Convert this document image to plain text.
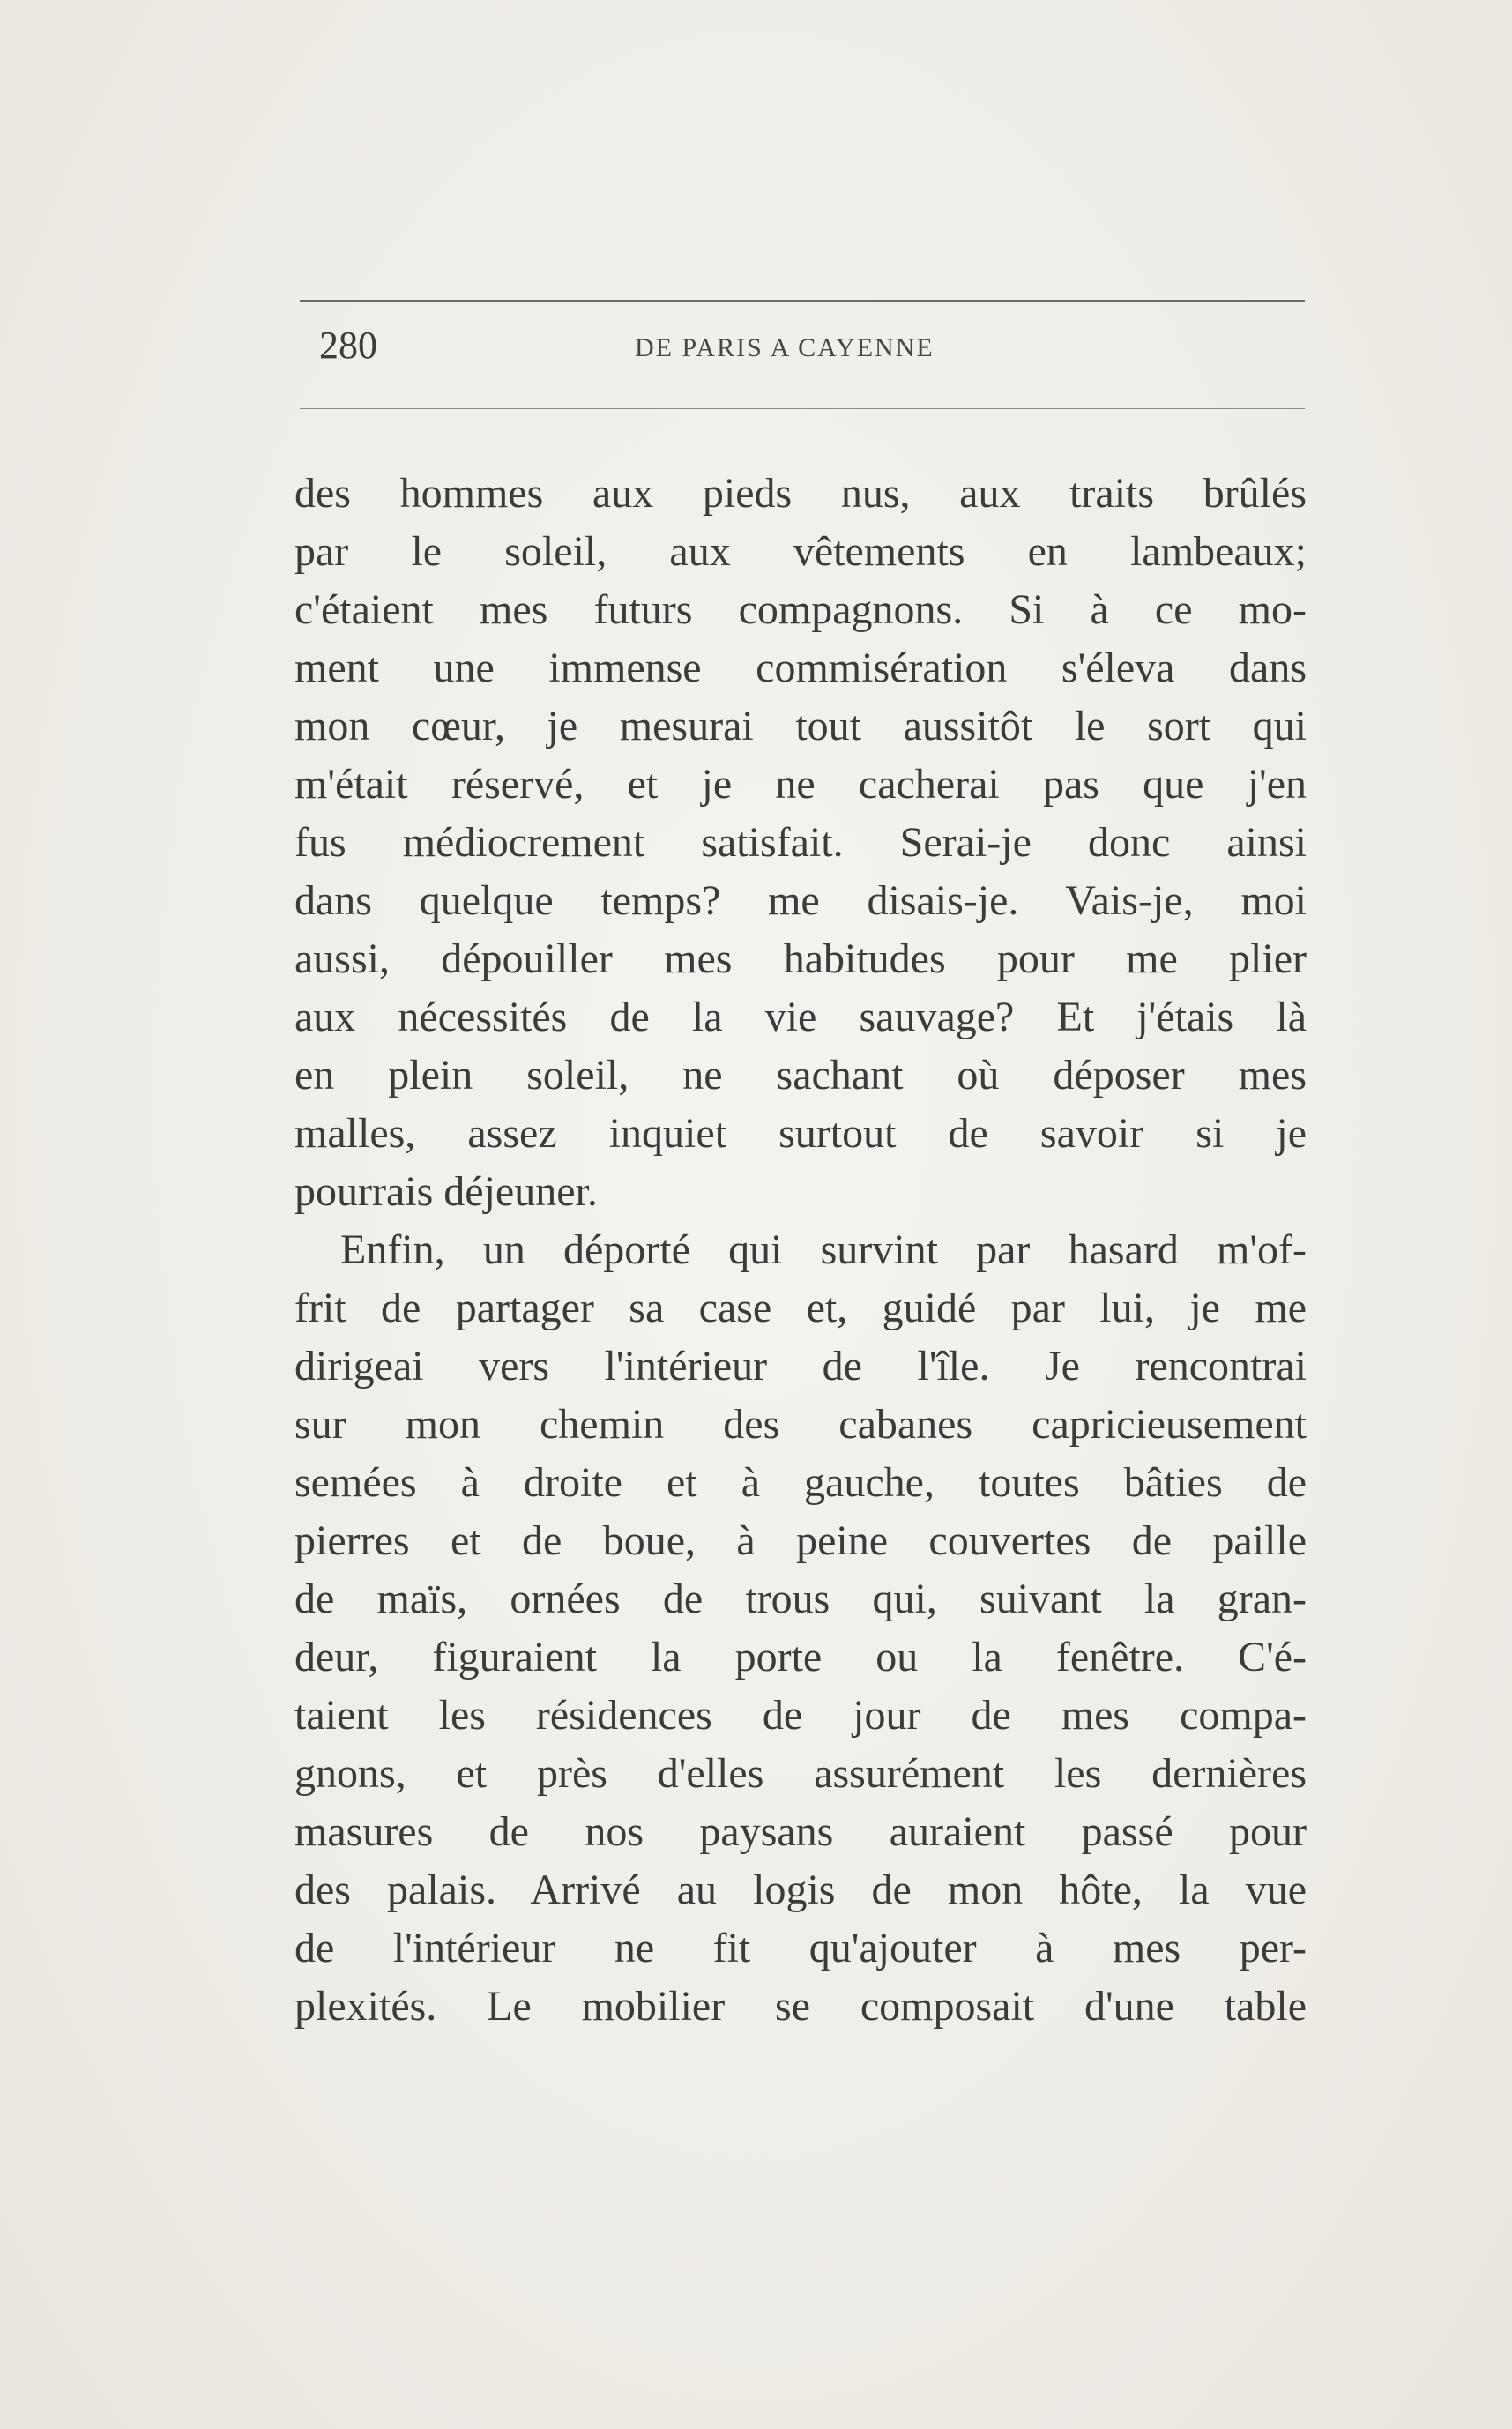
280	DE PARIS A CAYENNE
des hommes aux pieds nus, aux traits brûlés
par le soleil, aux vêtements en lambeaux;
c'étaient mes futurs compagnons. Si à ce mo-
ment une immense commisération s'éleva dans
mon cœur, je mesurai tout aussitôt le sort qui
m'était réservé, et je ne cacherai pas que j'en
fus médiocrement satisfait. Serai-je donc ainsi
dans quelque temps? me disais-je. Vais-je, moi
aussi, dépouiller mes habitudes pour me plier
aux nécessités de la vie sauvage? Et j'étais là
en plein soleil, ne sachant où déposer mes
malles, assez inquiet surtout de savoir si je
pourrais déjeuner.
Enfin, un déporté qui survint par hasard m'of-
frit de partager sa case et, guidé par lui, je me
dirigeai vers l'intérieur de l'île. Je rencontrai
sur mon chemin des cabanes capricieusement
semées à droite et à gauche, toutes bâties de
pierres et de boue, à peine couvertes de paille
de maïs, ornées de trous qui, suivant la gran-
deur, figuraient la porte ou la fenêtre. C'é-
taient les résidences de jour de mes compa-
gnons, et près d'elles assurément les dernières
masures de nos paysans auraient passé pour
des palais. Arrivé au logis de mon hôte, la vue
de l'intérieur ne fit qu'ajouter à mes per-
plexités. Le mobilier se composait d'une table
